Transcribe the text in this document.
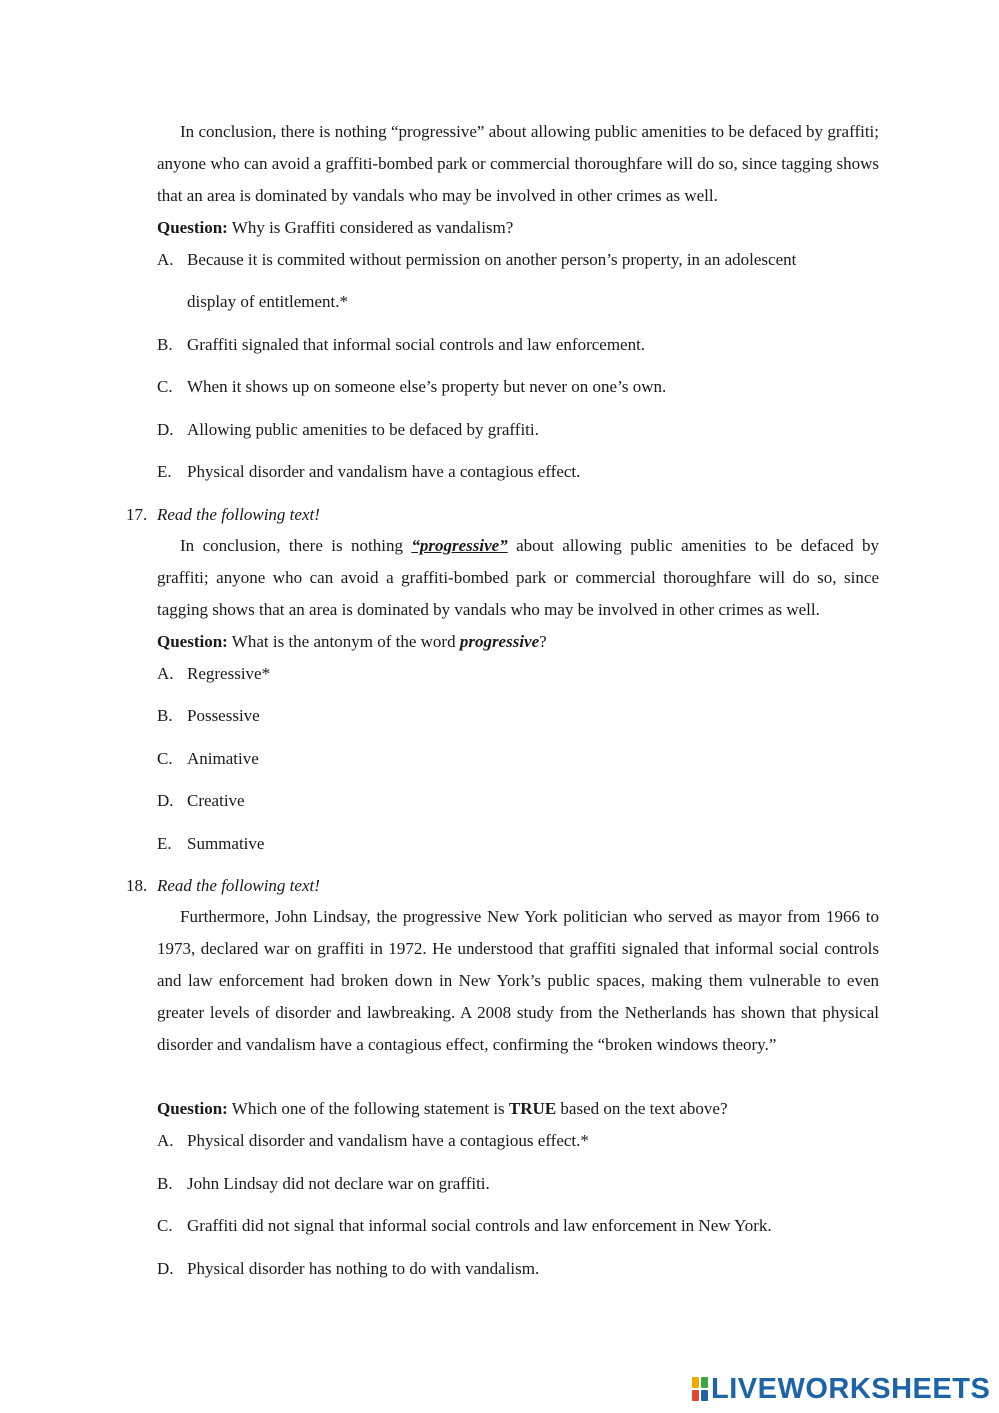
In conclusion, there is nothing “progressive” about allowing public amenities to be defaced by graffiti; anyone who can avoid a graffiti-bombed park or commercial thoroughfare will do so, since tagging shows that an area is dominated by vandals who may be involved in other crimes as well.

Question: Why is Graffiti considered as vandalism?
A. Because it is commited without permission on another person’s property, in an adolescent
display of entitlement.*
B. Graffiti signaled that informal social controls and law enforcement.
C. When it shows up on someone else’s property but never on one’s own.
D. Allowing public amenities to be defaced by graffiti.
E. Physical disorder and vandalism have a contagious effect.
17. Read the following text!

In conclusion, there is nothing “progressive” about allowing public amenities to be defaced by graffiti; anyone who can avoid a graffiti-bombed park or commercial thoroughfare will do so, since tagging shows that an area is dominated by vandals who may be involved in other crimes as well.

Question: What is the antonym of the word progressive?
A. Regressive*
B. Possessive
C. Animative
D. Creative
E. Summative
18. Read the following text!

Furthermore, John Lindsay, the progressive New York politician who served as mayor from 1966 to 1973, declared war on graffiti in 1972. He understood that graffiti signaled that informal social controls and law enforcement had broken down in New York’s public spaces, making them vulnerable to even greater levels of disorder and lawbreaking. A 2008 study from the Netherlands has shown that physical disorder and vandalism have a contagious effect, confirming the “broken windows theory.”

Question: Which one of the following statement is TRUE based on the text above?
A. Physical disorder and vandalism have a contagious effect.*
B. John Lindsay did not declare war on graffiti.
C. Graffiti did not signal that informal social controls and law enforcement in New York.
D. Physical disorder has nothing to do with vandalism.
LIVEWORKSHEETS
